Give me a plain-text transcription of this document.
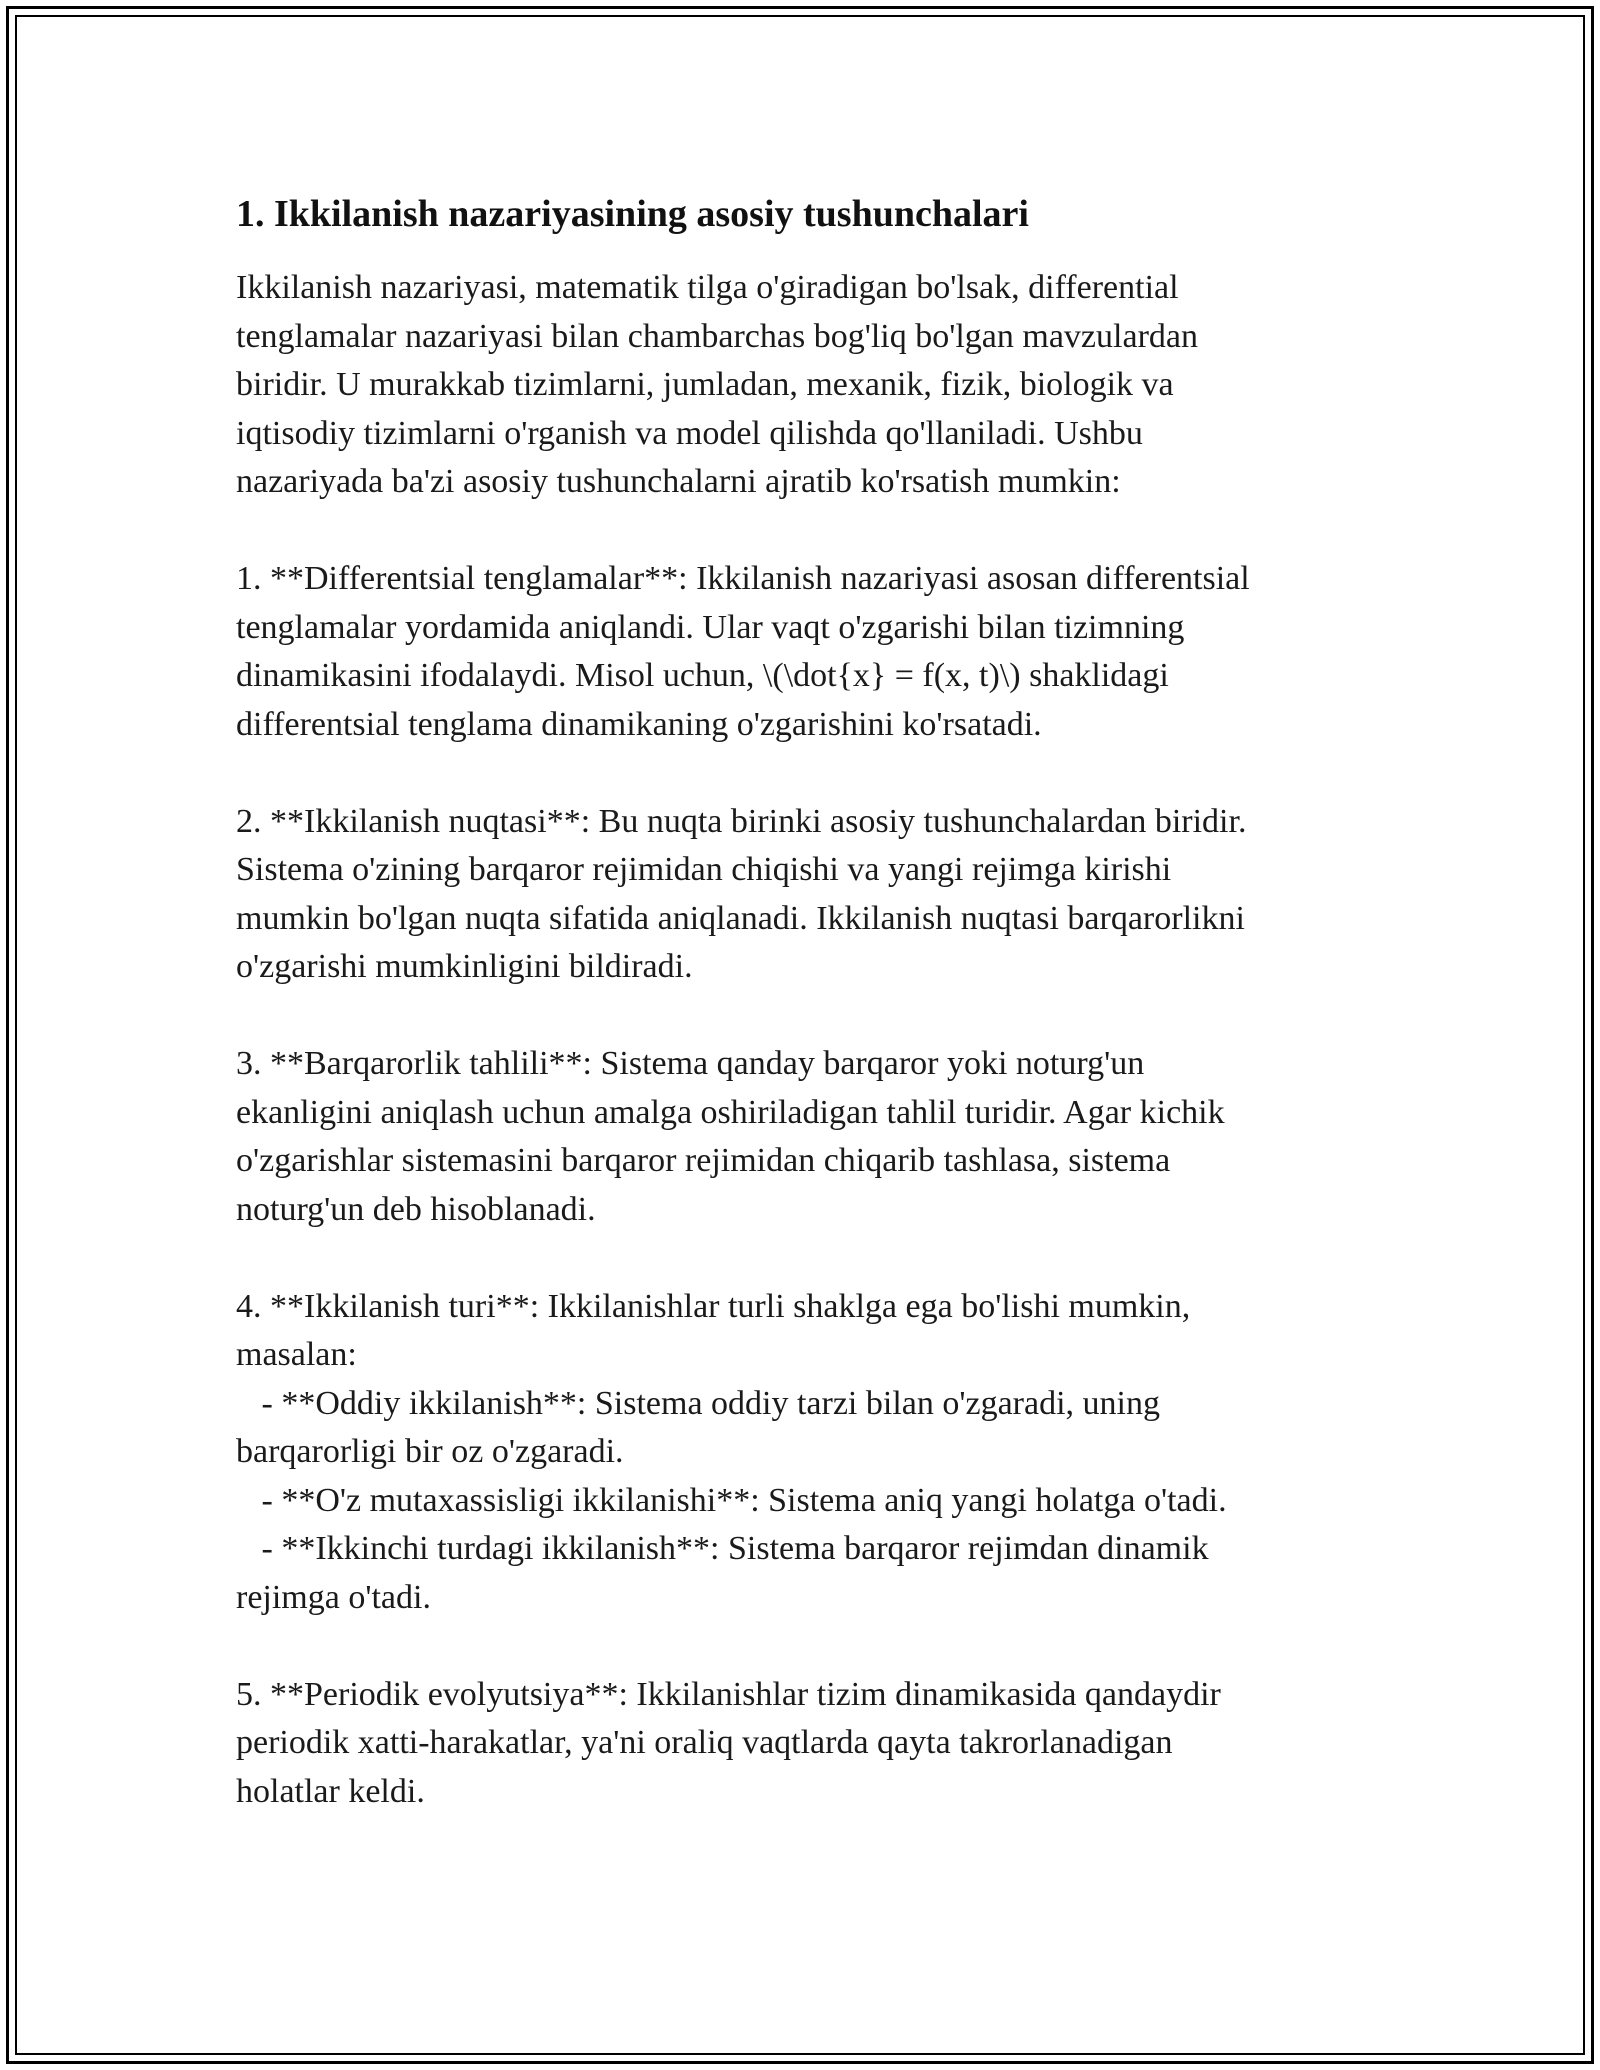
1. Ikkilanish nazariyasining asosiy tushunchalari

Ikkilanish nazariyasi, matematik tilga o'giradigan bo'lsak, differential
tenglamalar nazariyasi bilan chambarchas bog'liq bo'lgan mavzulardan
biridir. U murakkab tizimlarni, jumladan, mexanik, fizik, biologik va
iqtisodiy tizimlarni o'rganish va model qilishda qo'llaniladi. Ushbu
nazariyada ba'zi asosiy tushunchalarni ajratib ko'rsatish mumkin:

1. **Differentsial tenglamalar**: Ikkilanish nazariyasi asosan differentsial
tenglamalar yordamida aniqlandi. Ular vaqt o'zgarishi bilan tizimning
dinamikasini ifodalaydi. Misol uchun, \(\dot{x} = f(x, t)\) shaklidagi
differentsial tenglama dinamikaning o'zgarishini ko'rsatadi.

2. **Ikkilanish nuqtasi**: Bu nuqta birinki asosiy tushunchalardan biridir.
Sistema o'zining barqaror rejimidan chiqishi va yangi rejimga kirishi
mumkin bo'lgan nuqta sifatida aniqlanadi. Ikkilanish nuqtasi barqarorlikni
o'zgarishi mumkinligini bildiradi.

3. **Barqarorlik tahlili**: Sistema qanday barqaror yoki noturg'un
ekanligini aniqlash uchun amalga oshiriladigan tahlil turidir. Agar kichik
o'zgarishlar sistemasini barqaror rejimidan chiqarib tashlasa, sistema
noturg'un deb hisoblanadi.

4. **Ikkilanish turi**: Ikkilanishlar turli shaklga ega bo'lishi mumkin,
masalan:
- **Oddiy ikkilanish**: Sistema oddiy tarzi bilan o'zgaradi, uning
barqarorligi bir oz o'zgaradi.
- **O'z mutaxassisligi ikkilanishi**: Sistema aniq yangi holatga o'tadi.
- **Ikkinchi turdagi ikkilanish**: Sistema barqaror rejimdan dinamik
rejimga o'tadi.

5. **Periodik evolyutsiya**: Ikkilanishlar tizim dinamikasida qandaydir
periodik xatti-harakatlar, ya'ni oraliq vaqtlarda qayta takrorlanadigan
holatlar keldi.
